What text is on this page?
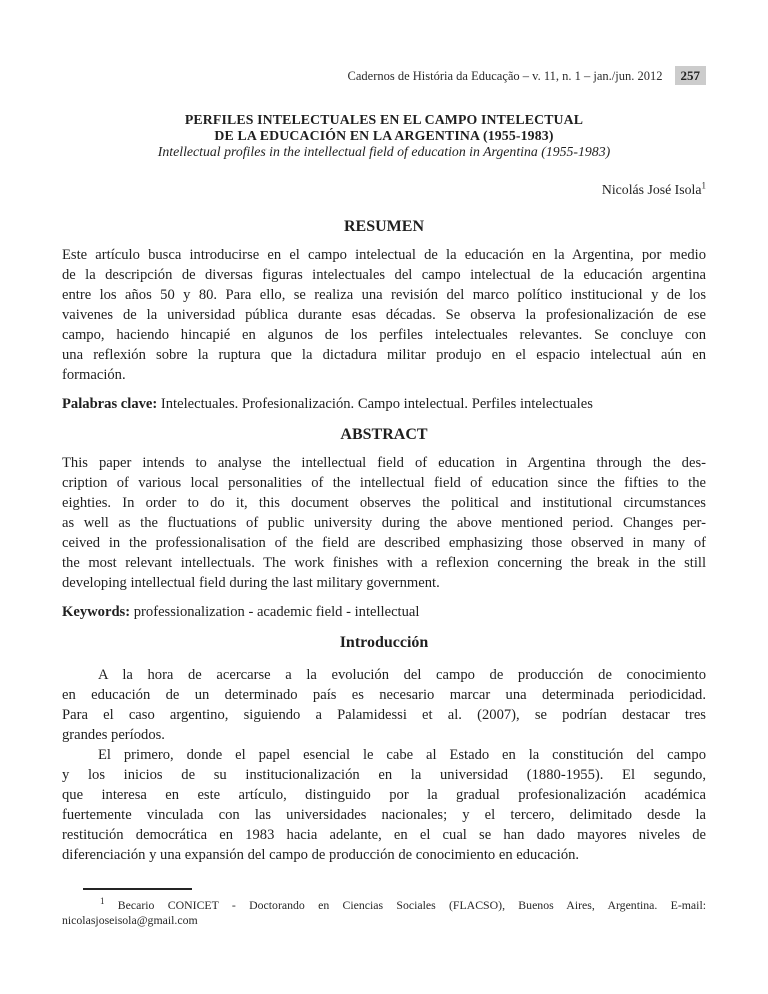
Cadernos de História da Educação – v. 11, n. 1 – jan./jun. 2012	257
PERFILES INTELECTUALES EN EL CAMPO INTELECTUAL
DE LA EDUCACIÓN EN LA ARGENTINA (1955-1983)
Intellectual profiles in the intellectual field of education in Argentina (1955-1983)
Nicolás José Isola$^1$
RESUMEN
Este artículo busca introducirse en el campo intelectual de la educación en la Argentina, por medio
de la descripción de diversas figuras intelectuales del campo intelectual de la educación argentina
entre los años 50 y 80. Para ello, se realiza una revisión del marco político institucional y de los
vaivenes de la universidad pública durante esas décadas. Se observa la profesionalización de ese
campo, haciendo hincapié en algunos de los perfiles intelectuales relevantes. Se concluye con
una reflexión sobre la ruptura que la dictadura militar produjo en el espacio intelectual aún en
formación.
Palabras clave: Intelectuales. Profesionalización. Campo intelectual. Perfiles intelectuales
ABSTRACT
This paper intends to analyse the intellectual field of education in Argentina through the des-
cription of various local personalities of the intellectual field of education since the fifties to the
eighties. In order to do it, this document observes the political and institutional circumstances
as well as the fluctuations of public university during the above mentioned period. Changes per-
ceived in the professionalisation of the field are described emphasizing those observed in many of
the most relevant intellectuals. The work finishes with a reflexion concerning the break in the still
developing intellectual field during the last military government.
Keywords: professionalization - academic field - intellectual
Introducción
A la hora de acercarse a la evolución del campo de producción de conocimiento
en educación de un determinado país es necesario marcar una determinada periodicidad.
Para el caso argentino, siguiendo a Palamidessi et al. (2007), se podrían destacar tres
grandes períodos.
El primero, donde el papel esencial le cabe al Estado en la constitución del campo
y los inicios de su institucionalización en la universidad (1880-1955). El segundo,
que interesa en este artículo, distinguido por la gradual profesionalización académica
fuertemente vinculada con las universidades nacionales; y el tercero, delimitado desde la
restitución democrática en 1983 hacia adelante, en el cual se han dado mayores niveles de
diferenciación y una expansión del campo de producción de conocimiento en educación.
$^1$ Becario CONICET - Doctorando en Ciencias Sociales (FLACSO), Buenos Aires, Argentina. E-mail:
nicolasjoseisola@gmail.com
